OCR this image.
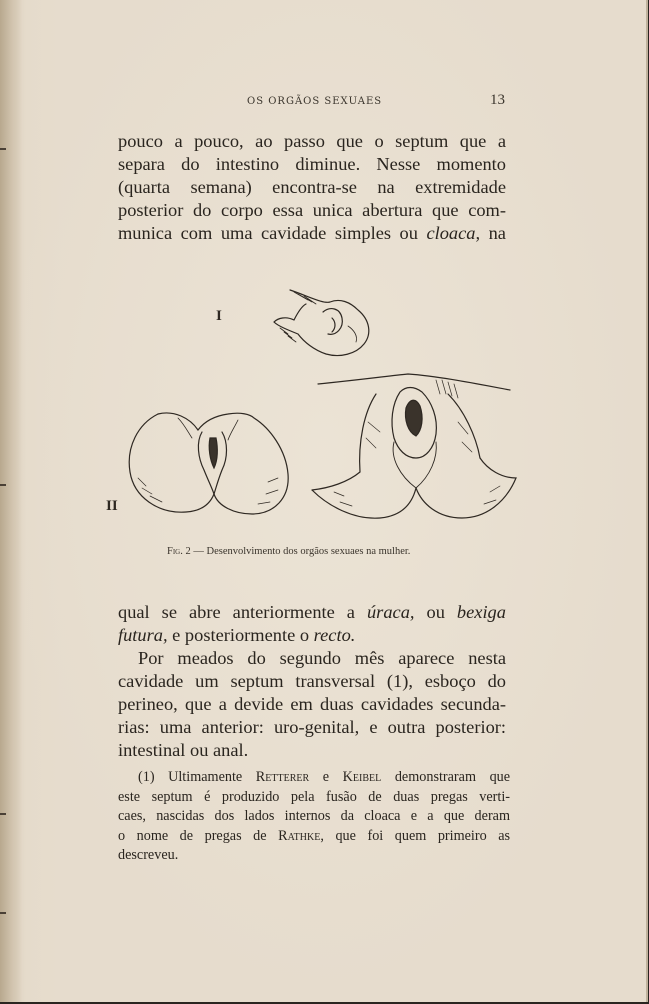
OS ORGÃOS SEXUAES	13
pouco a pouco, ao passo que o septum que a
separa do intestino diminue. Nesse momento
(quarta semana) encontra-se na extremidade
posterior do corpo essa unica abertura que com-
munica com uma cavidade simples ou cloaca, na
I
II
Fig. 2 — Desenvolvimento dos orgãos sexuaes na mulher.
qual se abre anteriormente a úraca, ou bexiga
futura, e posteriormente o recto.
Por meados do segundo mês aparece nesta
cavidade um septum transversal (1), esboço do
perineo, que a devide em duas cavidades secunda-
rias: uma anterior: uro-genital, e outra posterior:
intestinal ou anal.
(1) Ultimamente Retterer e Keibel demonstraram que
este septum é produzido pela fusão de duas pregas verti-
caes, nascidas dos lados internos da cloaca e a que deram
o nome de pregas de Rathke, que foi quem primeiro as
descreveu.
